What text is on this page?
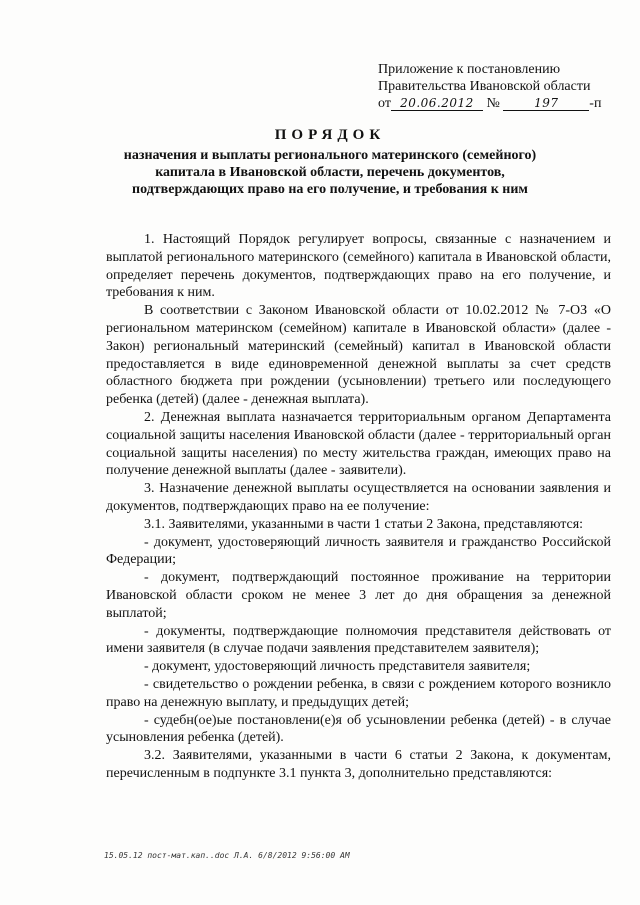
Приложение к постановлению
Правительства Ивановской области
от 20.06.2012 №	197 -п
ПОРЯДОК
назначения и выплаты регионального материнского (семейного)
капитала в Ивановской области, перечень документов,
подтверждающих право на его получение, и требования к ним

1. Настоящий Порядок регулирует вопросы, связанные с назначением и выплатой регионального материнского (семейного) капитала в Ивановской области, определяет перечень документов, подтверждающих право на его получение, и требования к ним.

В соответствии с Законом Ивановской области от 10.02.2012 № 7-ОЗ «О региональном материнском (семейном) капитале в Ивановской области» (далее - Закон) региональный материнский (семейный) капитал в Ивановской области предоставляется в виде единовременной денежной выплаты за счет средств областного бюджета при рождении (усыновлении) третьего или последующего ребенка (детей) (далее - денежная выплата).

2. Денежная выплата назначается территориальным органом Департамента социальной защиты населения Ивановской области (далее - территориальный орган социальной защиты населения) по месту жительства граждан, имеющих право на получение денежной выплаты (далее - заявители).

3. Назначение денежной выплаты осуществляется на основании заявления и документов, подтверждающих право на ее получение:

3.1. Заявителями, указанными в части 1 статьи 2 Закона, представляются:

- документ, удостоверяющий личность заявителя и гражданство Российской Федерации;

- документ, подтверждающий постоянное проживание на территории Ивановской области сроком не менее 3 лет до дня обращения за денежной выплатой;

- документы, подтверждающие полномочия представителя действовать от имени заявителя (в случае подачи заявления представителем заявителя);

- документ, удостоверяющий личность представителя заявителя;

- свидетельство о рождении ребенка, в связи с рождением которого возникло право на денежную выплату, и предыдущих детей;

- судебн(ое)ые постановлени(е)я об усыновлении ребенка (детей) - в случае усыновления ребенка (детей).

3.2. Заявителями, указанными в части 6 статьи 2 Закона, к документам, перечисленным в подпункте 3.1 пункта 3, дополнительно представляются:

15.05.12 пост-мат.кап..doc Л.А. 6/8/2012 9:56:00 AM
